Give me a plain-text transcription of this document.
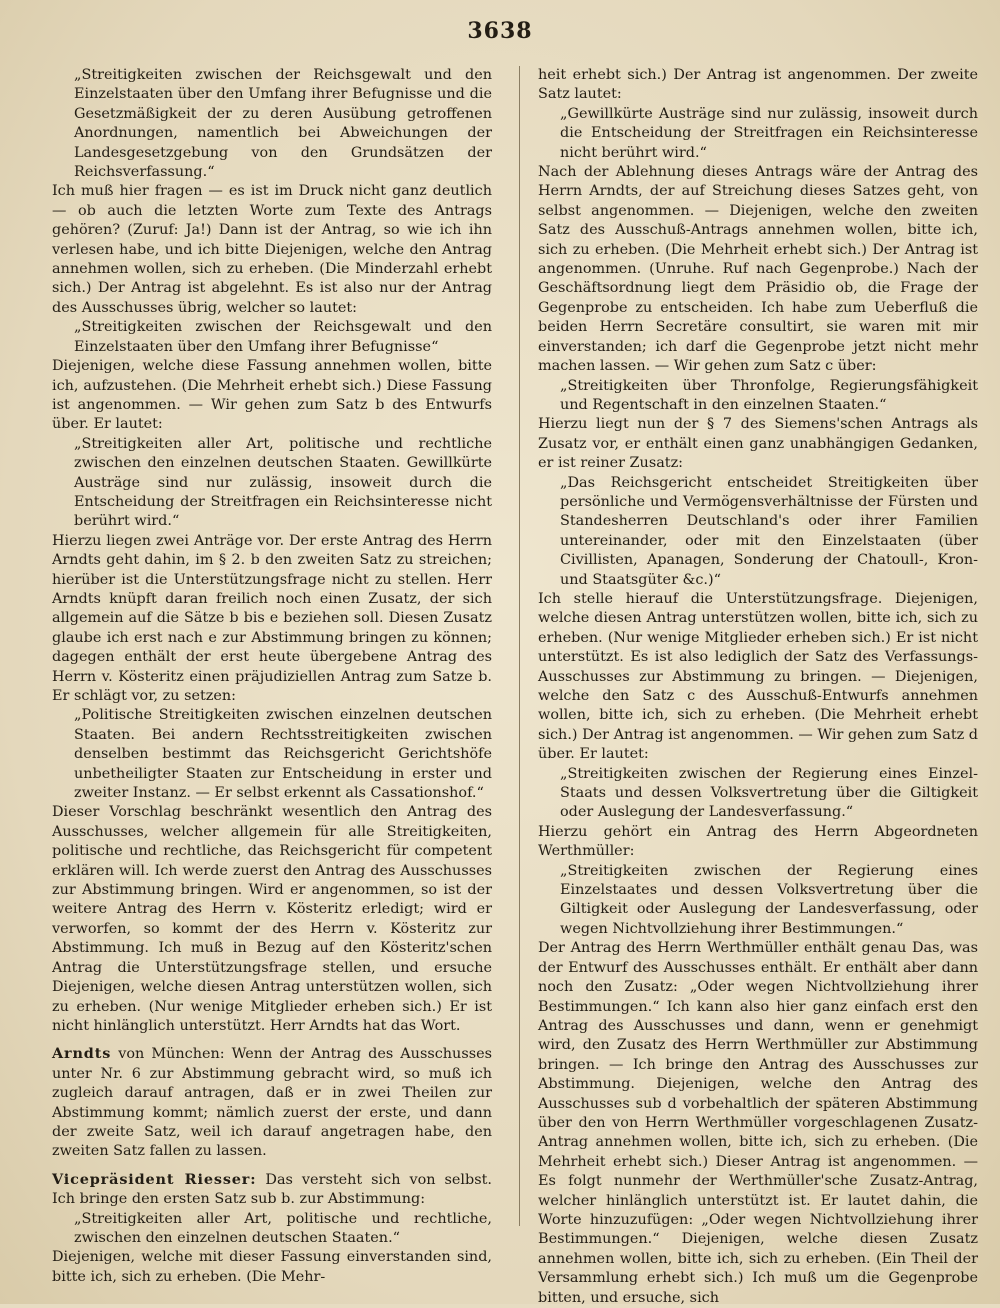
3638

„Streitigkeiten zwischen der Reichsgewalt und den Einzelstaaten über den Umfang ihrer Befugnisse und die Gesetzmäßigkeit der zu deren Ausübung getroffenen Anordnungen, namentlich bei Abweichungen der Landesgesetzgebung von den Grundsätzen der Reichsverfassung.“

Ich muß hier fragen — es ist im Druck nicht ganz deutlich — ob auch die letzten Worte zum Texte des Antrags gehören? (Zuruf: Ja!) Dann ist der Antrag, so wie ich ihn verlesen habe, und ich bitte Diejenigen, welche den Antrag annehmen wollen, sich zu erheben. (Die Minderzahl erhebt sich.) Der Antrag ist abgelehnt. Es ist also nur der Antrag des Ausschusses übrig, welcher so lautet:

„Streitigkeiten zwischen der Reichsgewalt und den Einzelstaaten über den Umfang ihrer Befugnisse“

Diejenigen, welche diese Fassung annehmen wollen, bitte ich, aufzustehen. (Die Mehrheit erhebt sich.) Diese Fassung ist angenommen. — Wir gehen zum Satz b des Entwurfs über. Er lautet:

„Streitigkeiten aller Art, politische und rechtliche zwischen den einzelnen deutschen Staaten. Gewillkürte Austräge sind nur zulässig, insoweit durch die Entscheidung der Streitfragen ein Reichsinteresse nicht berührt wird.“

Hierzu liegen zwei Anträge vor. Der erste Antrag des Herrn Arndts geht dahin, im § 2. b den zweiten Satz zu streichen; hierüber ist die Unterstützungsfrage nicht zu stellen. Herr Arndts knüpft daran freilich noch einen Zusatz, der sich allgemein auf die Sätze b bis e beziehen soll. Diesen Zusatz glaube ich erst nach e zur Abstimmung bringen zu können; dagegen enthält der erst heute übergebene Antrag des Herrn v. Köstеritz einen präjudiziellen Antrag zum Satze b. Er schlägt vor, zu setzen:

„Politische Streitigkeiten zwischen einzelnen deutschen Staaten. Bei andern Rechtsstreitigkeiten zwischen denselben bestimmt das Reichsgericht Gerichtshöfe unbetheiligter Staaten zur Entscheidung in erster und zweiter Instanz. — Er selbst erkennt als Cassationshof.“

Dieser Vorschlag beschränkt wesentlich den Antrag des Ausschusses, welcher allgemein für alle Streitigkeiten, politische und rechtliche, das Reichsgericht für competent erklären will. Ich werde zuerst den Antrag des Ausschusses zur Abstimmung bringen. Wird er angenommen, so ist der weitere Antrag des Herrn v. Kösteritz erledigt; wird er verworfen, so kommt der des Herrn v. Kösteritz zur Abstimmung. Ich muß in Bezug auf den Kösteritz'schen Antrag die Unterstützungsfrage stellen, und ersuche Diejenigen, welche diesen Antrag unterstützen wollen, sich zu erheben. (Nur wenige Mitglieder erheben sich.) Er ist nicht hinlänglich unterstützt. Herr Arndts hat das Wort.

Arndts von München: Wenn der Antrag des Ausschusses unter Nr. 6 zur Abstimmung gebracht wird, so muß ich zugleich darauf antragen, daß er in zwei Theilen zur Abstimmung kommt; nämlich zuerst der erste, und dann der zweite Satz, weil ich darauf angetragen habe, den zweiten Satz fallen zu lassen.

Vicepräsident Riesser: Das versteht sich von selbst. Ich bringe den ersten Satz sub b. zur Abstimmung:

„Streitigkeiten aller Art, politische und rechtliche, zwischen den einzelnen deutschen Staaten.“

Diejenigen, welche mit dieser Fassung einverstanden sind, bitte ich, sich zu erheben. (Die Mehr-

heit erhebt sich.) Der Antrag ist angenommen. Der zweite Satz lautet:

„Gewillkürte Austräge sind nur zulässig, insoweit durch die Entscheidung der Streitfragen ein Reichsinteresse nicht berührt wird.“

Nach der Ablehnung dieses Antrags wäre der Antrag des Herrn Arndts, der auf Streichung dieses Satzes geht, von selbst angenommen. — Diejenigen, welche den zweiten Satz des Ausschuß-Antrags annehmen wollen, bitte ich, sich zu erheben. (Die Mehrheit erhebt sich.) Der Antrag ist angenommen. (Unruhe. Ruf nach Gegenprobe.) Nach der Geschäftsordnung liegt dem Präsidio ob, die Frage der Gegenprobe zu entscheiden. Ich habe zum Ueberfluß die beiden Herrn Secretäre consultirt, sie waren mit mir einverstanden; ich darf die Gegenprobe jetzt nicht mehr machen lassen. — Wir gehen zum Satz c über:

„Streitigkeiten über Thronfolge, Regierungsfähigkeit und Regentschaft in den einzelnen Staaten.“

Hierzu liegt nun der § 7 des Siemens'schen Antrags als Zusatz vor, er enthält einen ganz unabhängigen Gedanken, er ist reiner Zusatz:

„Das Reichsgericht entscheidet Streitigkeiten über persönliche und Vermögensverhältnisse der Fürsten und Standesherren Deutschland's oder ihrer Familien untereinander, oder mit den Einzelstaaten (über Civillisten, Apanagen, Sonderung der Chatoull-, Kron- und Staatsgüter &c.)“

Ich stelle hierauf die Unterstützungsfrage. Diejenigen, welche diesen Antrag unterstützen wollen, bitte ich, sich zu erheben. (Nur wenige Mitglieder erheben sich.) Er ist nicht unterstützt. Es ist also lediglich der Satz des Verfassungs-Ausschusses zur Abstimmung zu bringen. — Diejenigen, welche den Satz c des Ausschuß-Entwurfs annehmen wollen, bitte ich, sich zu erheben. (Die Mehrheit erhebt sich.) Der Antrag ist angenommen. — Wir gehen zum Satz d über. Er lautet:

„Streitigkeiten zwischen der Regierung eines Einzel-Staats und dessen Volksvertretung über die Giltigkeit oder Auslegung der Landesverfassung.“

Hierzu gehört ein Antrag des Herrn Abgeordneten Werthmüller:

„Streitigkeiten zwischen der Regierung eines Einzelstaates und dessen Volksvertretung über die Giltigkeit oder Auslegung der Landesverfassung, oder wegen Nichtvollziehung ihrer Bestimmungen.“

Der Antrag des Herrn Werthmüller enthält genau Das, was der Entwurf des Ausschusses enthält. Er enthält aber dann noch den Zusatz: „Oder wegen Nichtvollziehung ihrer Bestimmungen.“ Ich kann also hier ganz einfach erst den Antrag des Ausschusses und dann, wenn er genehmigt wird, den Zusatz des Herrn Werthmüller zur Abstimmung bringen. — Ich bringe den Antrag des Ausschusses zur Abstimmung. Diejenigen, welche den Antrag des Ausschusses sub d vorbehaltlich der späteren Abstimmung über den von Herrn Werthmüller vorgeschlagenen Zusatz-Antrag annehmen wollen, bitte ich, sich zu erheben. (Die Mehrheit erhebt sich.) Dieser Antrag ist angenommen. — Es folgt nunmehr der Werthmüller'sche Zusatz-Antrag, welcher hinlänglich unterstützt ist. Er lautet dahin, die Worte hinzuzufügen: „Oder wegen Nichtvollziehung ihrer Bestimmungen.“ Diejenigen, welche diesen Zusatz annehmen wollen, bitte ich, sich zu erheben. (Ein Theil der Versammlung erhebt sich.) Ich muß um die Gegenprobe bitten, und ersuche, sich
